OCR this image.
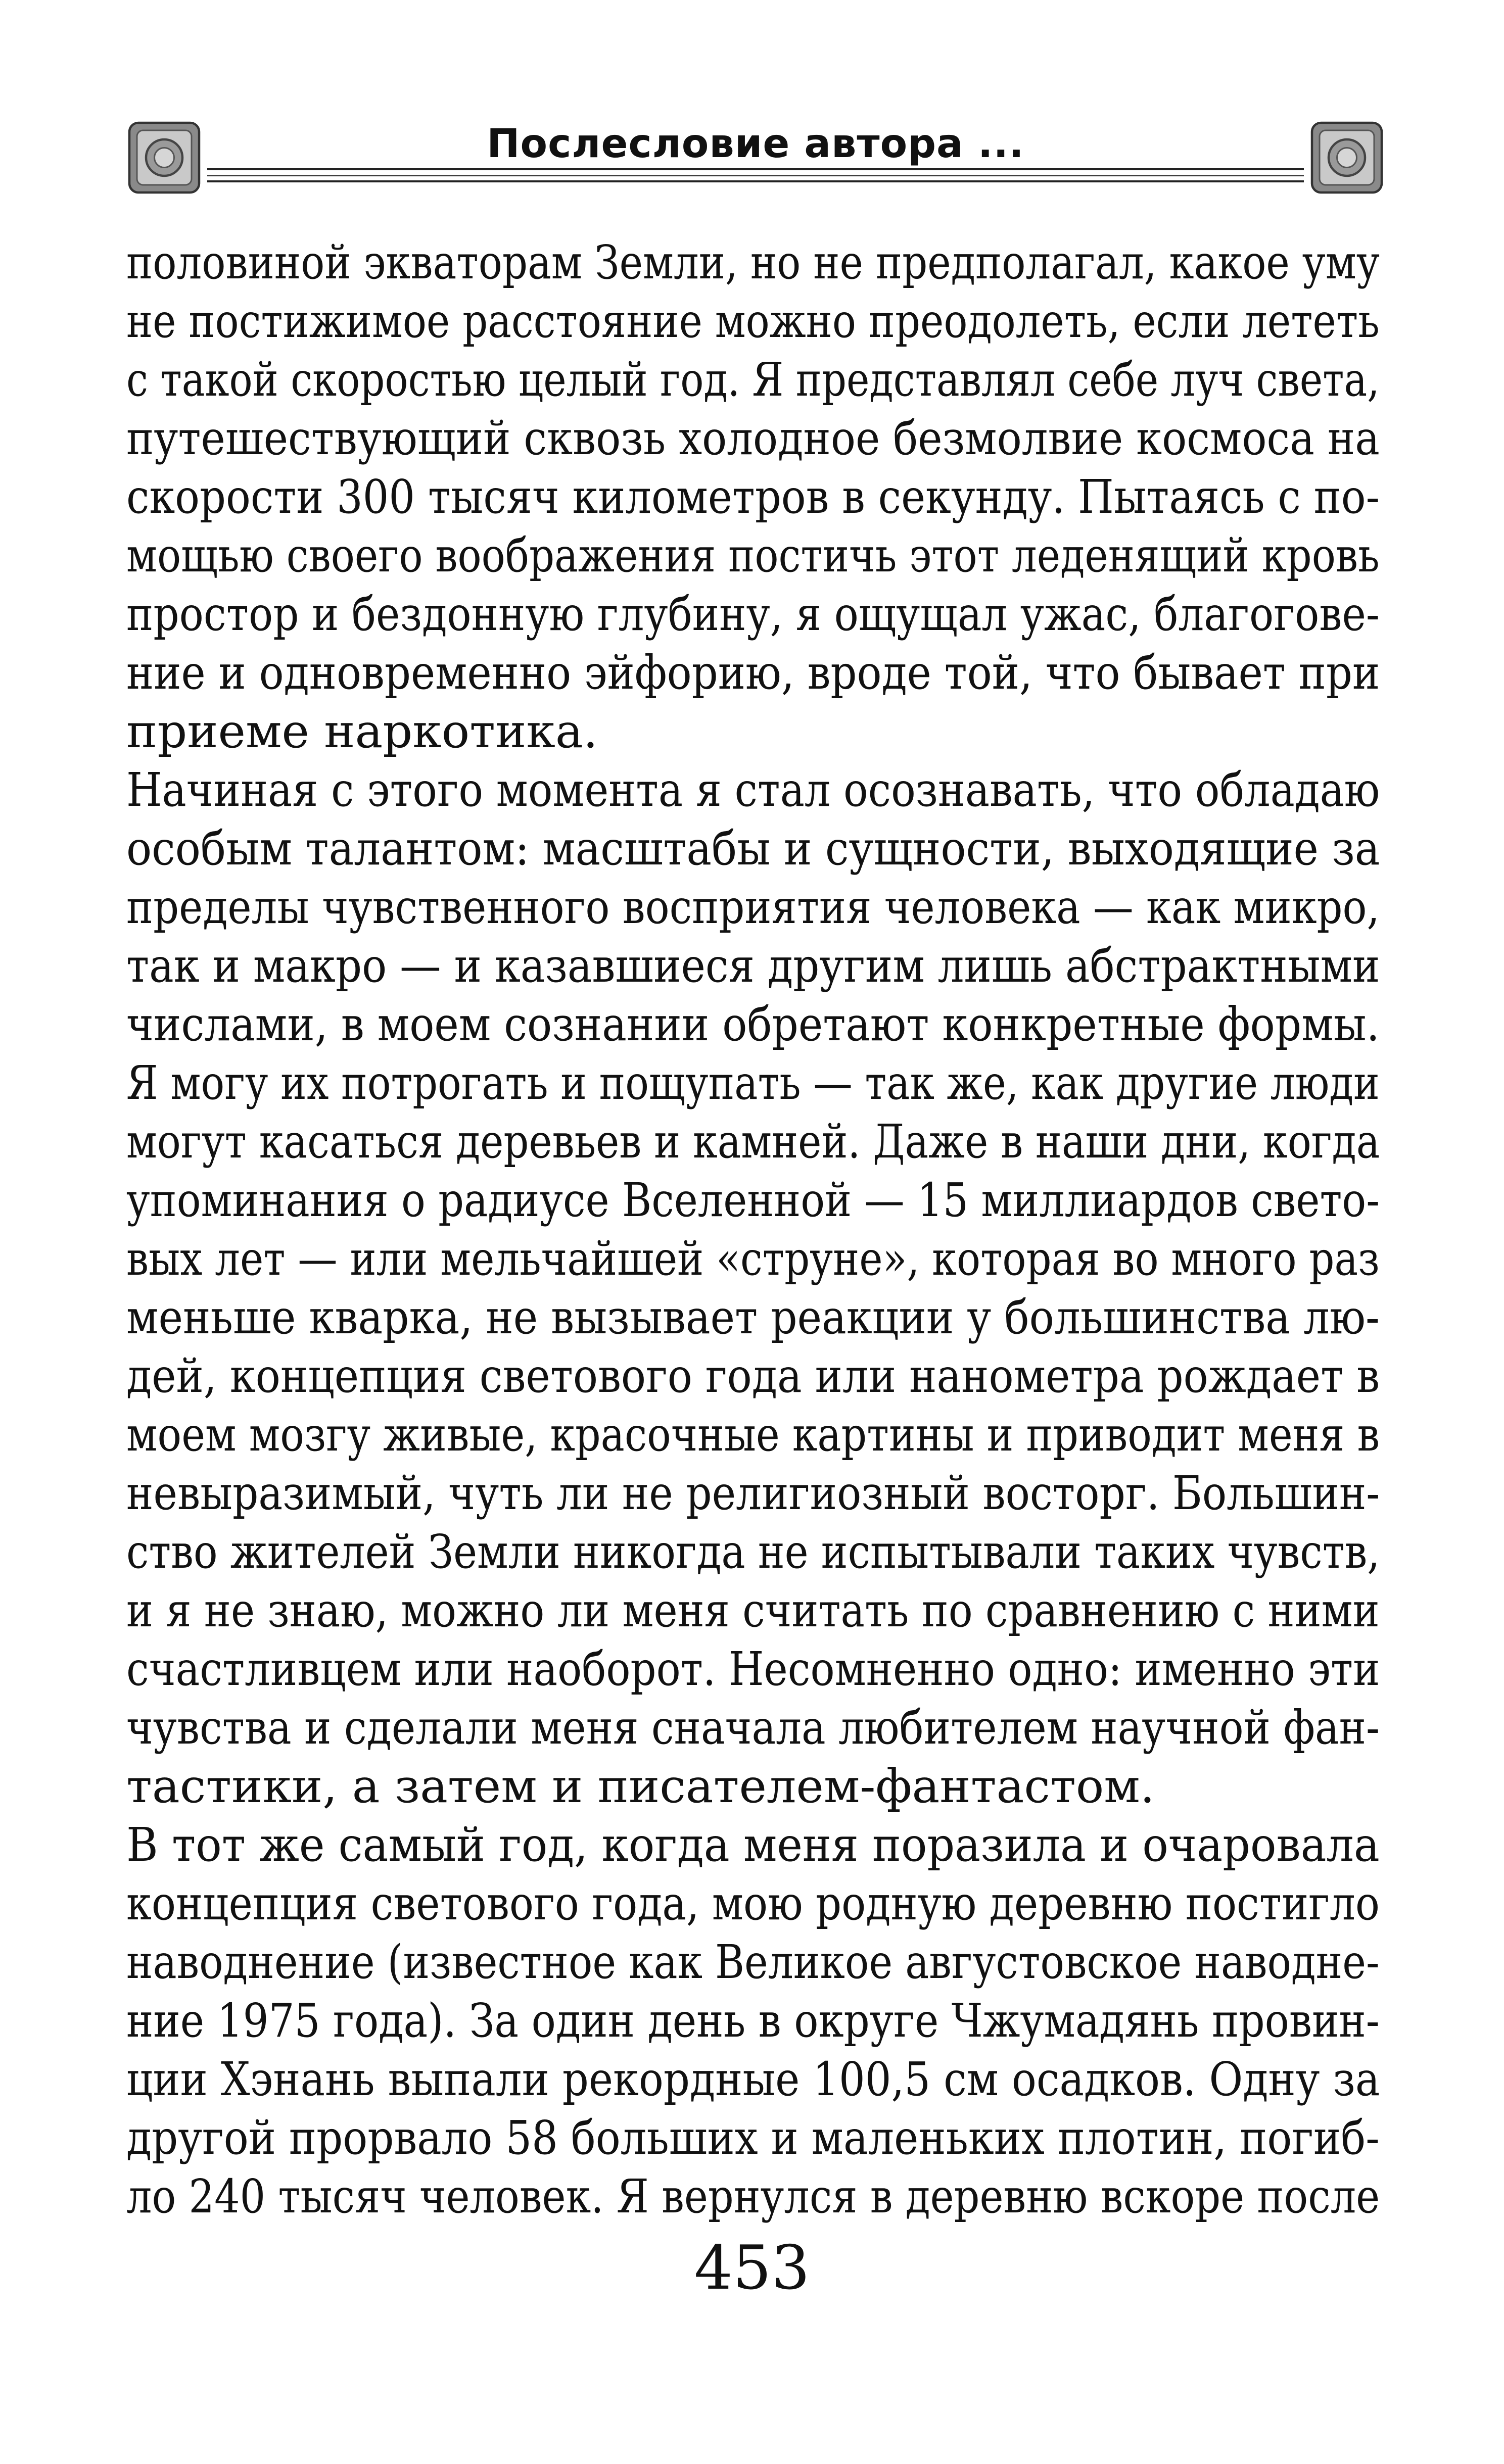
Послесловие автора ...
половиной экваторам Земли, но не предполагал, какое уму
не постижимое расстояние можно преодолеть, если лететь
с такой скоростью целый год. Я представлял себе луч света,
путешествующий сквозь холодное безмолвие космоса на
скорости 300 тысяч километров в секунду. Пытаясь с по-
мощью своего воображения постичь этот леденящий кровь
простор и бездонную глубину, я ощущал ужас, благогове-
ние и одновременно эйфорию, вроде той, что бывает при
приеме наркотика.
Начиная с этого момента я стал осознавать, что обладаю
особым талантом: масштабы и сущности, выходящие за
пределы чувственного восприятия человека — как микро,
так и макро — и казавшиеся другим лишь абстрактными
числами, в моем сознании обретают конкретные формы.
Я могу их потрогать и пощупать — так же, как другие люди
могут касаться деревьев и камней. Даже в наши дни, когда
упоминания о радиусе Вселенной — 15 миллиардов свето-
вых лет — или мельчайшей «струне», которая во много раз
меньше кварка, не вызывает реакции у большинства лю-
дей, концепция светового года или нанометра рождает в
моем мозгу живые, красочные картины и приводит меня в
невыразимый, чуть ли не религиозный восторг. Большин-
ство жителей Земли никогда не испытывали таких чувств,
и я не знаю, можно ли меня считать по сравнению с ними
счастливцем или наоборот. Несомненно одно: именно эти
чувства и сделали меня сначала любителем научной фан-
тастики, а затем и писателем-фантастом.
В тот же самый год, когда меня поразила и очаровала
концепция светового года, мою родную деревню постигло
наводнение (известное как Великое августовское наводне-
ние 1975 года). За один день в округе Чжумадянь провин-
ции Хэнань выпали рекордные 100,5 см осадков. Одну за
другой прорвало 58 больших и маленьких плотин, погиб-
ло 240 тысяч человек. Я вернулся в деревню вскоре после
453
